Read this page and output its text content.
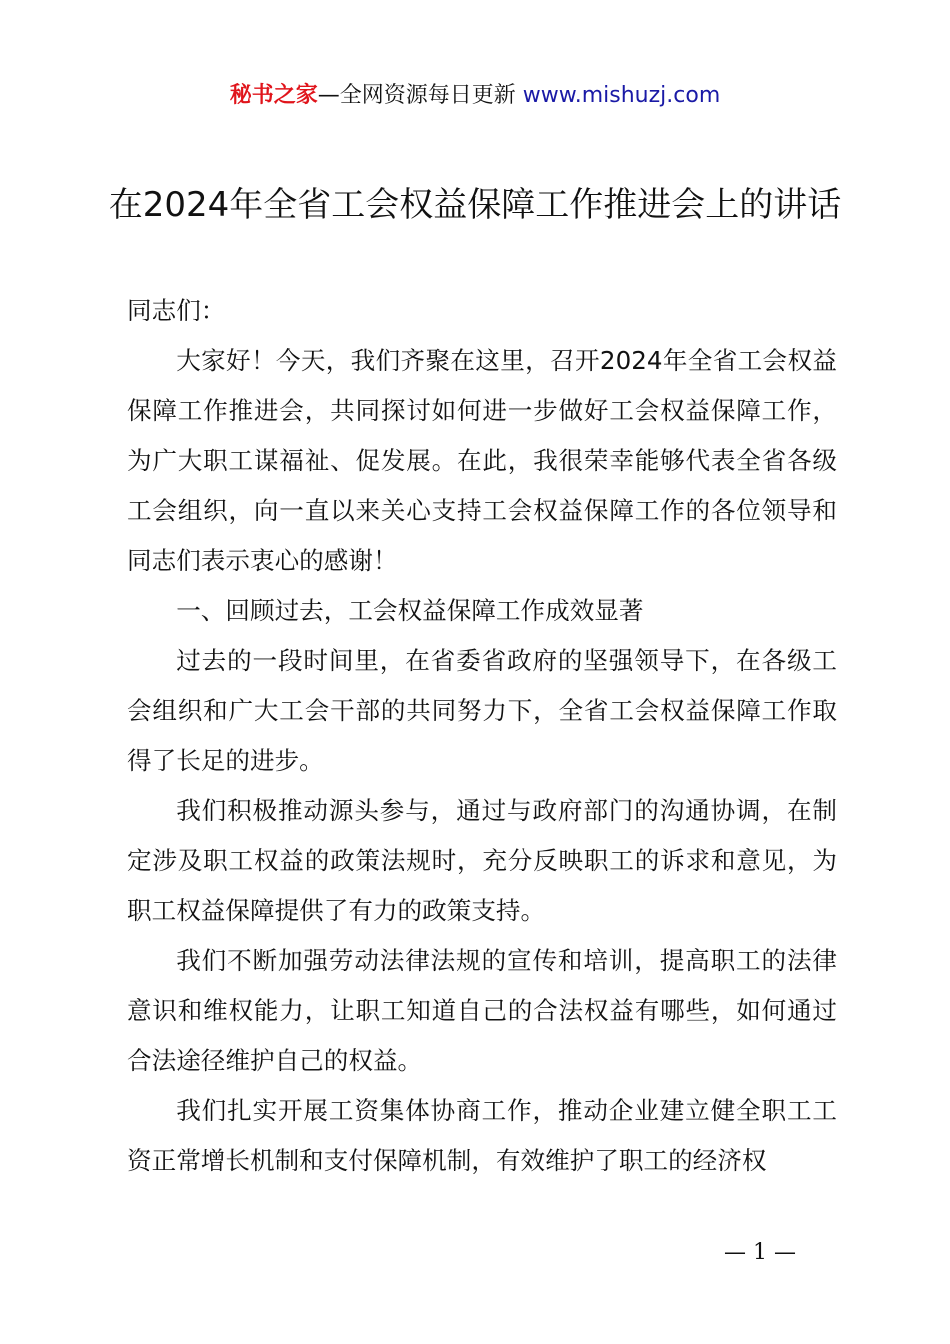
秘书之家—全网资源每日更新 www.mishuzj.com
在2024年全省工会权益保障工作推进会上的讲话

同志们：

大家好！今天，我们齐聚在这里，召开2024年全省工会权益保障工作推进会，共同探讨如何进一步做好工会权益保障工作，为广大职工谋福祉、促发展。在此，我很荣幸能够代表全省各级工会组织，向一直以来关心支持工会权益保障工作的各位领导和同志们表示衷心的感谢！

一、回顾过去，工会权益保障工作成效显著

过去的一段时间里，在省委省政府的坚强领导下，在各级工会组织和广大工会干部的共同努力下，全省工会权益保障工作取得了长足的进步。

我们积极推动源头参与，通过与政府部门的沟通协调，在制定涉及职工权益的政策法规时，充分反映职工的诉求和意见，为职工权益保障提供了有力的政策支持。

我们不断加强劳动法律法规的宣传和培训，提高职工的法律意识和维权能力，让职工知道自己的合法权益有哪些，如何通过合法途径维护自己的权益。

我们扎实开展工资集体协商工作，推动企业建立健全职工工资正常增长机制和支付保障机制，有效维护了职工的经济权

— 1 —
